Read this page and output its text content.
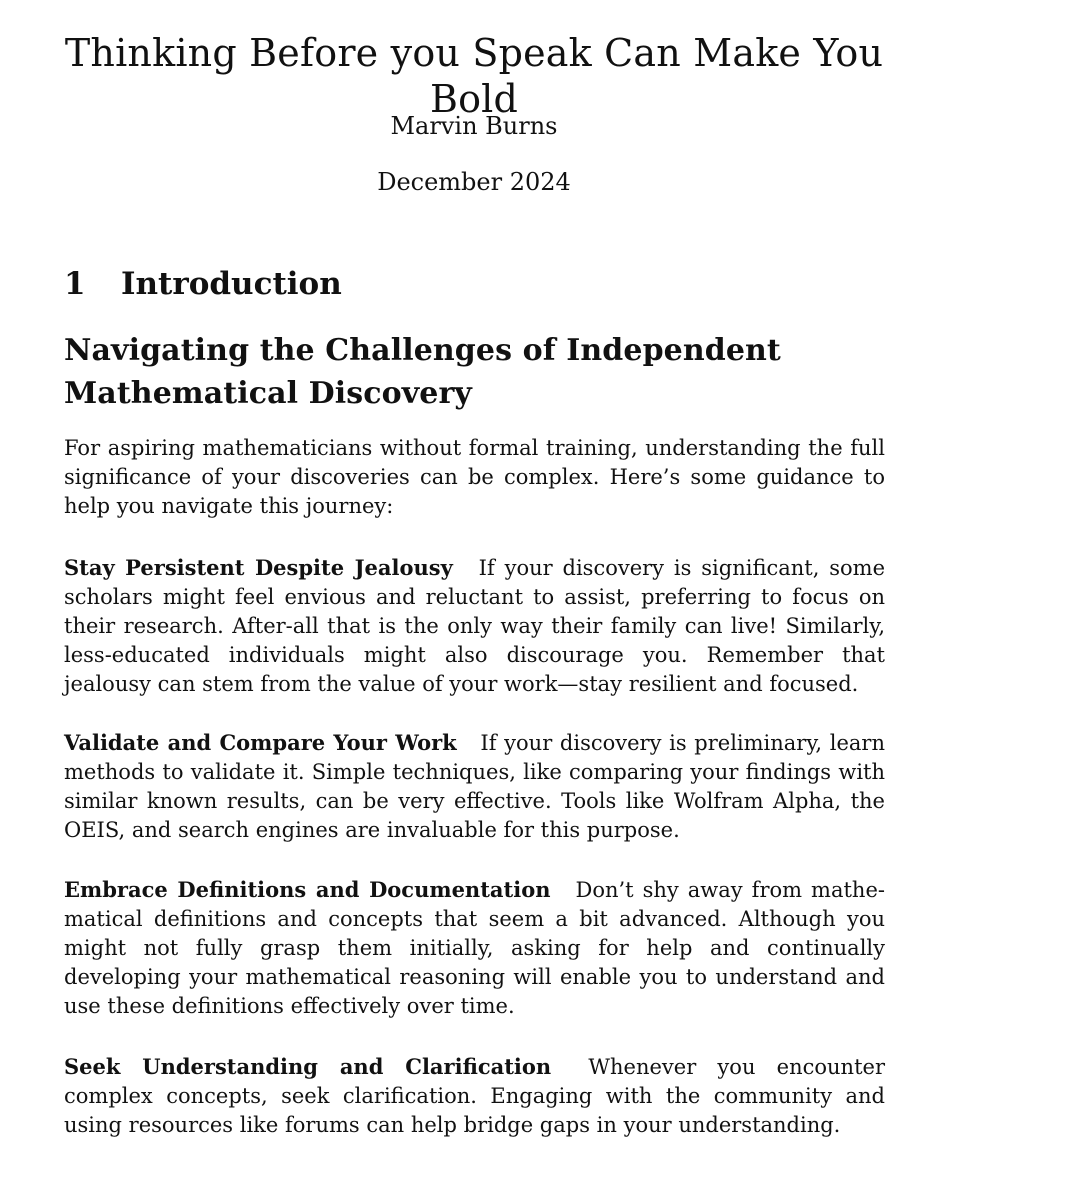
Thinking Before you Speak Can Make You Bold
Marvin Burns
December 2024
1 Introduction
Navigating the Challenges of Independent Mathematical Discovery

For aspiring mathematicians without formal training, understanding the full significance of your discoveries can be complex. Here’s some guidance to help you navigate this journey:

Stay Persistent Despite Jealousy If your discovery is significant, some scholars might feel envious and reluctant to assist, preferring to focus on their research. After-all that is the only way their family can live! Similarly, less-educated individuals might also discourage you. Remember that jealousy can stem from the value of your work—stay resilient and focused.

Validate and Compare Your Work If your discovery is preliminary, learn methods to validate it. Simple techniques, like comparing your findings with similar known results, can be very effective. Tools like Wolfram Alpha, the OEIS, and search engines are invaluable for this purpose.

Embrace Definitions and Documentation Don’t shy away from mathematical definitions and concepts that seem a bit advanced. Although you might not fully grasp them initially, asking for help and continually developing your mathematical reasoning will enable you to understand and use these definitions effectively over time.

Seek Understanding and Clarification Whenever you encounter complex concepts, seek clarification. Engaging with the community and using resources like forums can help bridge gaps in your understanding.
